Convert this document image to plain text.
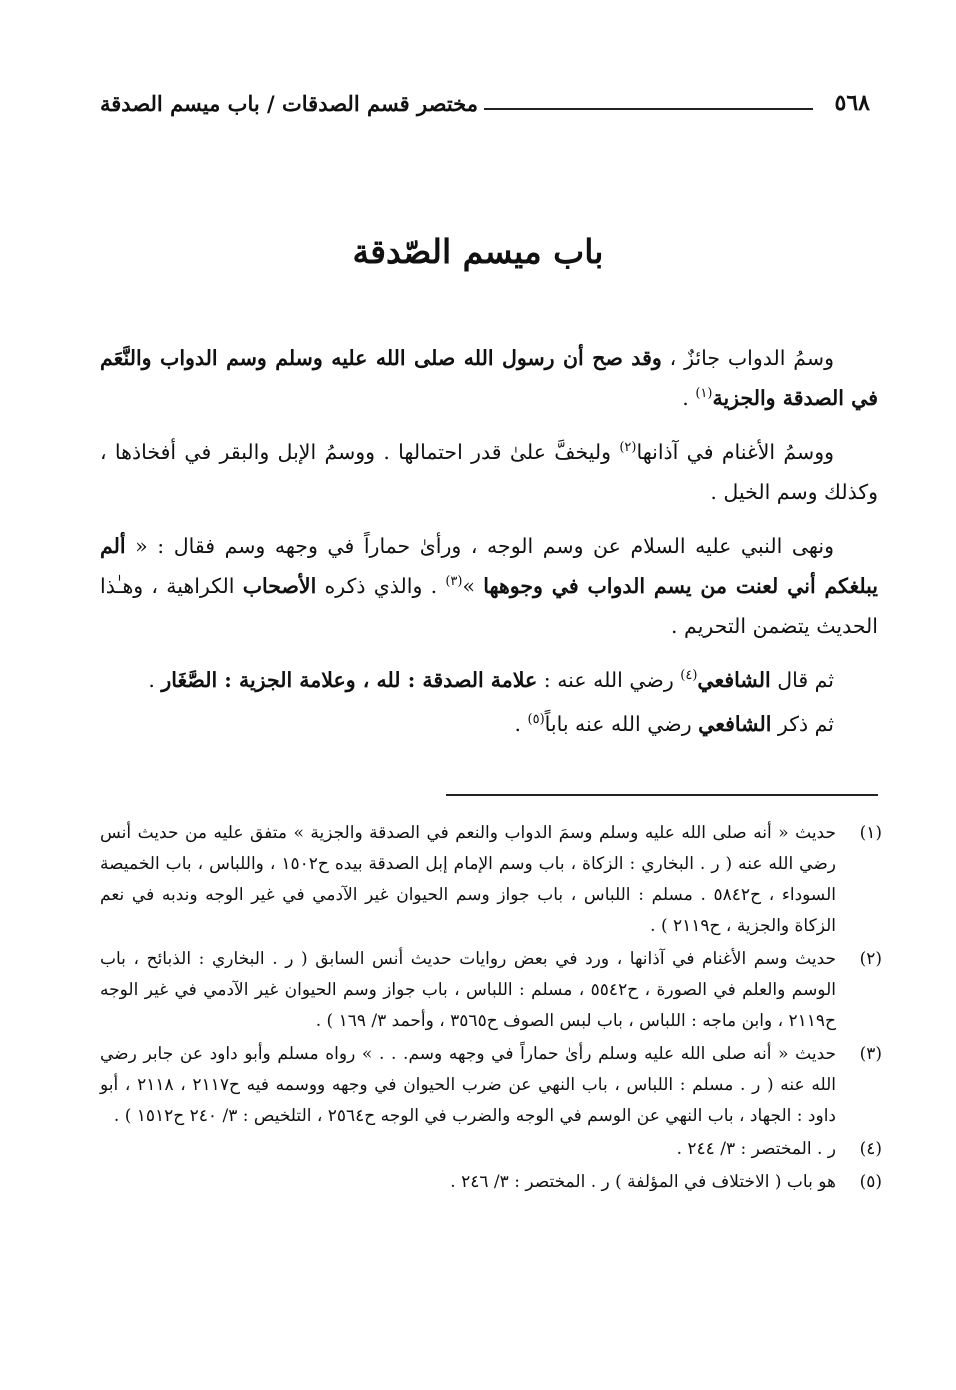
٥٦٨
مختصر قسم الصدقات / باب ميسم الصدقة
باب ميسم الصّدقة

وسمُ الدواب جائزٌ ، وقد صح أن رسول الله صلى الله عليه وسلم وسم الدواب والنَّعَم في الصدقة والجزية$^{(١)}$ .

ووسمُ الأغنام في آذانها$^{(٢)}$ وليخفَّ علىٰ قدر احتمالها . ووسمُ الإبل والبقر في أفخاذها ، وكذلك وسم الخيل .

ونهى النبي عليه السلام عن وسم الوجه ، ورأىٰ حماراً في وجهه وسم فقال : « ألم يبلغكم أني لعنت من يسم الدواب في وجوهها »$^{(٣)}$ . والذي ذكره الأصحاب الكراهية ، وهـٰذا الحديث يتضمن التحريم .

ثم قال الشافعي$^{(٤)}$ رضي الله عنه : علامة الصدقة : لله ، وعلامة الجزية : الصَّغَار .

ثم ذكر الشافعي رضي الله عنه باباً$^{(٥)}$ .

(١)
حديث « أنه صلى الله عليه وسلم وسمَ الدواب والنعم في الصدقة والجزية » متفق عليه من حديث أنس رضي الله عنه ( ر . البخاري : الزكاة ، باب وسم الإمام إبل الصدقة بيده ح١٥٠٢ ، واللباس ، باب الخميصة السوداء ، ح٥٨٤٢ . مسلم : اللباس ، باب جواز وسم الحيوان غير الآدمي في غير الوجه وندبه في نعم الزكاة والجزية ، ح٢١١٩ ) .
(٢)
حديث وسم الأغنام في آذانها ، ورد في بعض روايات حديث أنس السابق ( ر . البخاري : الذبائح ، باب الوسم والعلم في الصورة ، ح٥٥٤٢ ، مسلم : اللباس ، باب جواز وسم الحيوان غير الآدمي في غير الوجه ح٢١١٩ ، وابن ماجه : اللباس ، باب لبس الصوف ح٣٥٦٥ ، وأحمد ٣/ ١٦٩ ) .
(٣)
حديث « أنه صلى الله عليه وسلم رأىٰ حماراً في وجهه وسم. . . » رواه مسلم وأبو داود عن جابر رضي الله عنه ( ر . مسلم : اللباس ، باب النهي عن ضرب الحيوان في وجهه ووسمه فيه ح٢١١٧ ، ٢١١٨ ، أبو داود : الجهاد ، باب النهي عن الوسم في الوجه والضرب في الوجه ح٢٥٦٤ ، التلخيص : ٣/ ٢٤٠ ح١٥١٢ ) .
(٤)
ر . المختصر : ٣/ ٢٤٤ .
(٥)
هو باب ( الاختلاف في المؤلفة ) ر . المختصر : ٣/ ٢٤٦ .
